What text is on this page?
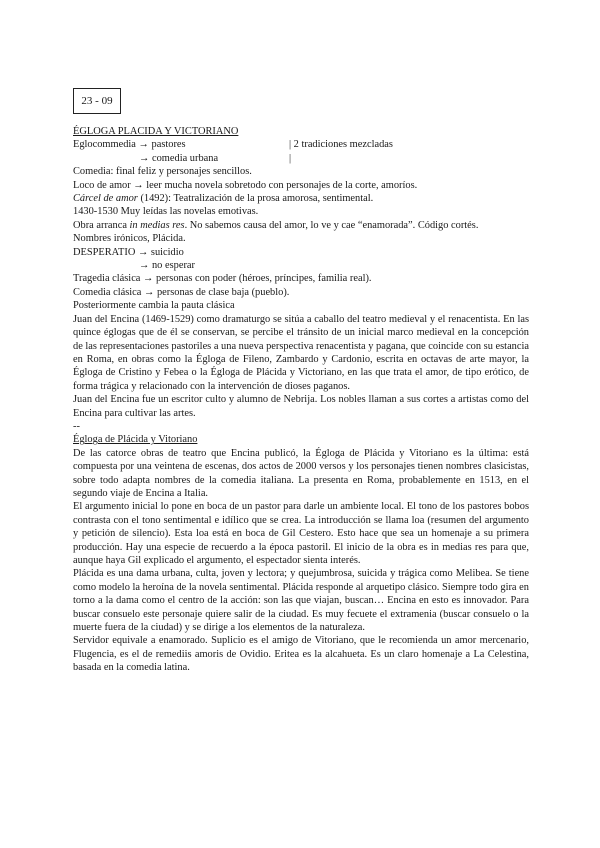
23 - 09
ÉGLOGA PLACIDA Y VICTORIANO
Eglocommedia → pastores	| 2 tradiciones mezcladas
→ comedia urbana	|
Comedia: final feliz y personajes sencillos.
Loco de amor → leer mucha novela sobretodo con personajes de la corte, amoríos.
Cárcel de amor (1492): Teatralización de la prosa amorosa, sentimental.
1430-1530 Muy leídas las novelas emotivas.
Obra arranca in medias res. No sabemos causa del amor, lo ve y cae “enamorada”. Código cortés.
Nombres irónicos, Plácida.
DESPERATIO → suicidio
→ no esperar
Tragedia clásica → personas con poder (héroes, príncipes, familia real).
Comedia clásica → personas de clase baja (pueblo).
Posteriormente cambia la pauta clásica

Juan del Encina (1469-1529) como dramaturgo se sitúa a caballo del teatro medieval y el renacentista. En las quince églogas que de él se conservan, se percibe el tránsito de un inicial marco medieval en la concepción de las representaciones pastoriles a una nueva perspectiva renacentista y pagana, que coincide con su estancia en Roma, en obras como la Égloga de Fileno, Zambardo y Cardonio, escrita en octavas de arte mayor, la Égloga de Cristino y Febea o la Égloga de Plácida y Victoriano, en las que trata el amor, de tipo erótico, de forma trágica y relacionado con la intervención de dioses paganos.

Juan del Encina fue un escritor culto y alumno de Nebrija. Los nobles llaman a sus cortes a artistas como del Encina para cultivar las artes.

--
Égloga de Plácida y Vitoriano

De las catorce obras de teatro que Encina publicó, la Égloga de Plácida y Vitoriano es la última: está compuesta por una veintena de escenas, dos actos de 2000 versos y los personajes tienen nombres clasicistas, sobre todo adapta nombres de la comedia italiana. La presenta en Roma, probablemente en 1513, en el segundo viaje de Encina a Italia.

El argumento inicial lo pone en boca de un pastor para darle un ambiente local. El tono de los pastores bobos contrasta con el tono sentimental e idílico que se crea. La introducción se llama loa (resumen del argumento y petición de silencio). Esta loa está en boca de Gil Cestero. Esto hace que sea un homenaje a su primera producción. Hay una especie de recuerdo a la época pastoril. El inicio de la obra es in medias res para que, aunque haya Gil explicado el argumento, el espectador sienta interés.

Plácida es una dama urbana, culta, joven y lectora; y quejumbrosa, suicida y trágica como Melibea. Se tiene como modelo la heroína de la novela sentimental. Plácida responde al arquetipo clásico. Siempre todo gira en torno a la dama como el centro de la acción: son las que viajan, buscan… Encina en esto es innovador. Para buscar consuelo este personaje quiere salir de la ciudad. Es muy fecuete el extramenia (buscar consuelo o la muerte fuera de la ciudad) y se dirige a los elementos de la naturaleza.

Servidor equivale a enamorado. Suplicio es el amigo de Vitoriano, que le recomienda un amor mercenario, Flugencia, es el de remediis amoris de Ovidio. Eritea es la alcahueta. Es un claro homenaje a La Celestina, basada en la comedia latina.
